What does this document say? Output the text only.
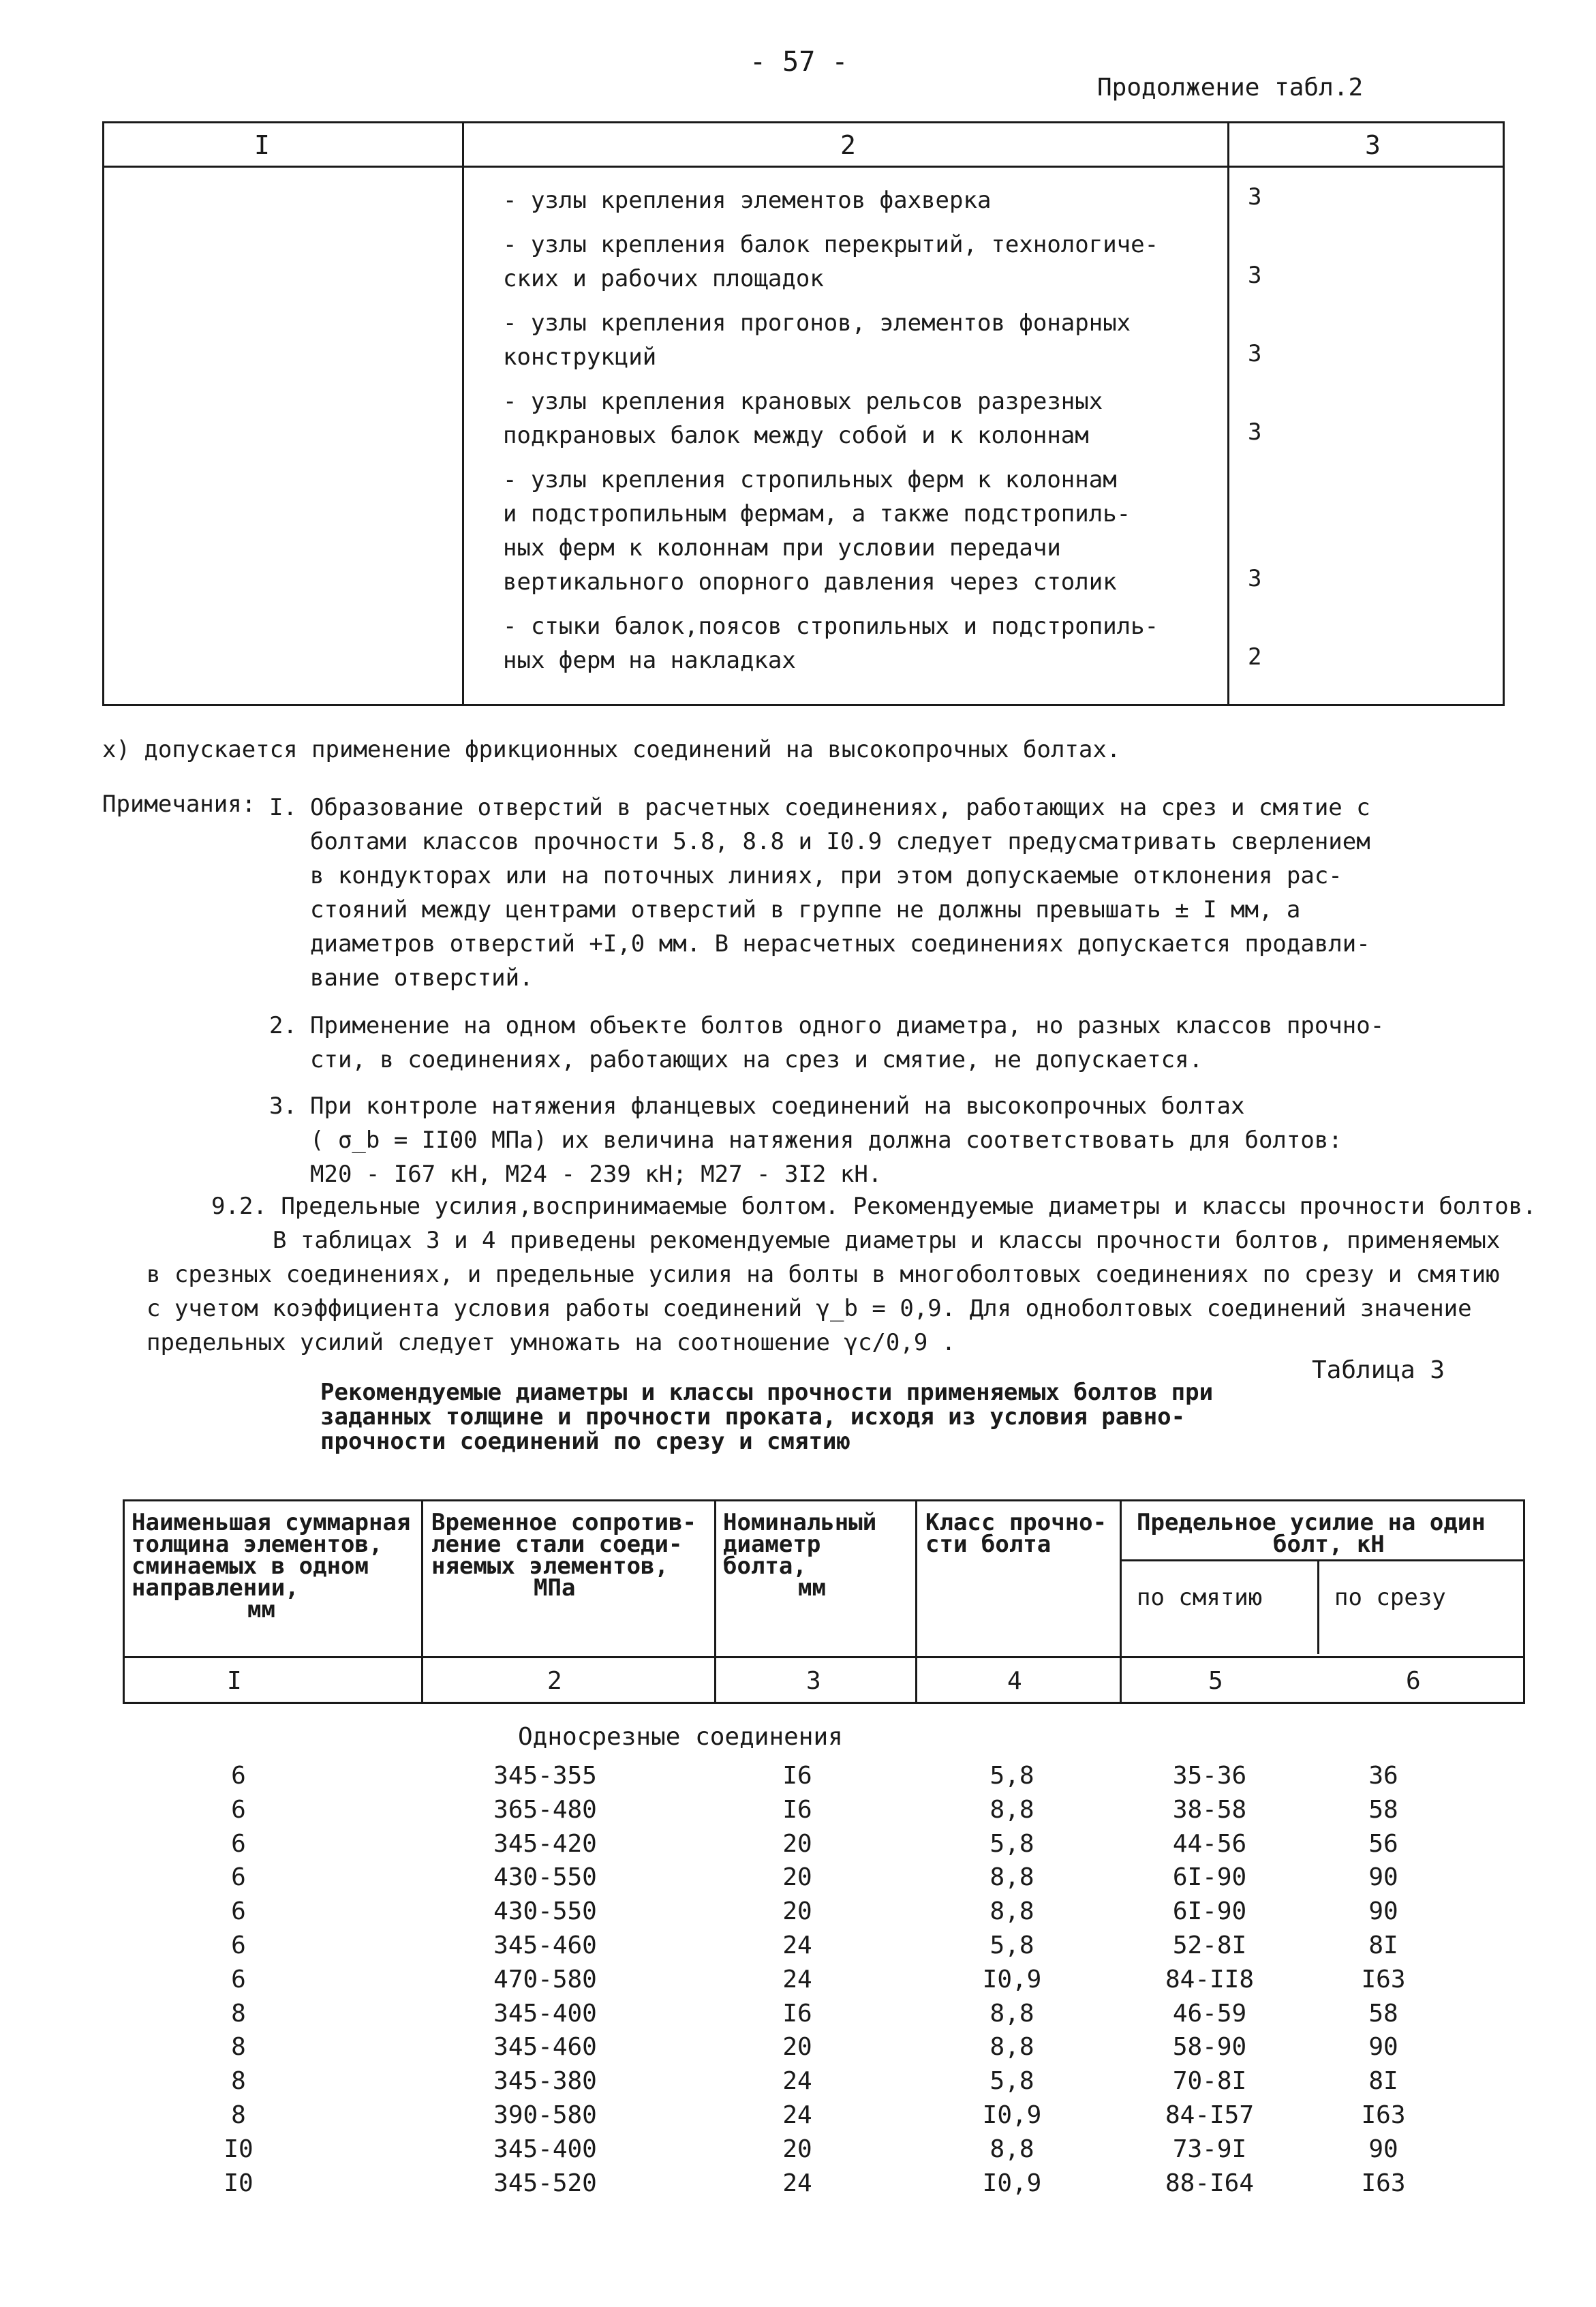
- 57 -
Продолжение табл.2
I	2	3
- узлы крепления элементов фахверка	3
- узлы крепления балок перекрытий, технологиче-
ских и рабочих площадок	3
- узлы крепления прогонов, элементов фонарных
конструкций	3
- узлы крепления крановых рельсов разрезных
подкрановых балок между собой и к колоннам	3
- узлы крепления стропильных ферм к колоннам
и подстропильным фермам, а также подстропиль-
ных ферм к колоннам при условии передачи
вертикального опорного давления через столик	3
- стыки балок,поясов стропильных и подстропиль-
ных ферм на накладках	2
х) допускается применение фрикционных соединений на высокопрочных болтах.
Примечания: I. Образование отверстий в расчетных соединениях, работающих на срез и смятие с
болтами классов прочности 5.8, 8.8 и I0.9 следует предусматривать сверлением
в кондукторах или на поточных линиях, при этом допускаемые отклонения рас-
стояний между центрами отверстий в группе не должны превышать ± I мм, а
диаметров отверстий +I,0 мм. В нерасчетных соединениях допускается продавли-
вание отверстий.
2. Применение на одном объекте болтов одного диаметра, но разных классов прочно-
сти, в соединениях, работающих на срез и смятие, не допускается.
3. При контроле натяжения фланцевых соединений на высокопрочных болтах
( σ_b = II00 МПа) их величина натяжения должна соответствовать для болтов:
М20 - I67 кН, М24 - 239 кН; М27 - 3I2 кН.
9.2. Предельные усилия,воспринимаемые болтом. Рекомендуемые диаметры и классы прочности болтов.
В таблицах 3 и 4 приведены рекомендуемые диаметры и классы прочности болтов, применяемых
в срезных соединениях, и предельные усилия на болты в многоболтовых соединениях по срезу и смятию
с учетом коэффициента условия работы соединений γ_b = 0,9. Для одноболтовых соединений значение
предельных усилий следует умножать на соотношение γc/0,9 .
Таблица 3
Рекомендуемые диаметры и классы прочности применяемых болтов при
заданных толщине и прочности проката, исходя из условия равно-
прочности соединений по срезу и смятию
Наименьшая суммарная
толщина элементов,
сминаемых в одном
направлении,
мм
Временное сопротив-
ление стали соеди-
няемых элементов,
МПа
Номинальный
диаметр
болта,
мм
Класс прочно-
сти болта
Предельное усилие на один
болт, кН
по смятию	по срезу
I	2	3	4	5	6
Односрезные соединения
6	345-355	I6	5,8	35-36	36
6	365-480	I6	8,8	38-58	58
6	345-420	20	5,8	44-56	56
6	430-550	20	8,8	6I-90	90
6	430-550	20	8,8	6I-90	90
6	345-460	24	5,8	52-8I	8I
6	470-580	24	I0,9	84-II8	I63
8	345-400	I6	8,8	46-59	58
8	345-460	20	8,8	58-90	90
8	345-380	24	5,8	70-8I	8I
8	390-580	24	I0,9	84-I57	I63
I0	345-400	20	8,8	73-9I	90
I0	345-520	24	I0,9	88-I64	I63
